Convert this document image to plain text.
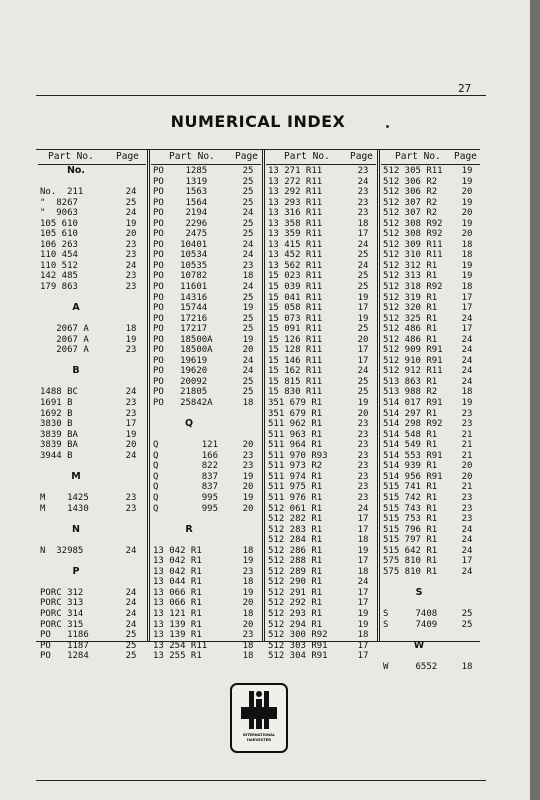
27
NUMERICAL INDEX
Part No. Page
No.
No.  211	24
"  8267	25
"  9063	24
105 610	19
105 610	20
106 263	23
110 454	23
110 512	24
142 485	23
179 863	23
A
2067 A	18
2067 A	19
2067 A	23
B
1488 BC	24
1691 B	23
1692 B	23
3830 B	17
3839 BA	19
3839 BA	20
3944 B	24
M
M    1425	23
M    1430	23
N
N  32985	24
P
PORC 312	24
PORC 313	24
PORC 314	24
PORC 315	24
PO   1186	25
PO   1187	25
PO   1284	25
Part No. Page
PO    1285	25
PO    1319	25
PO    1563	25
PO    1564	25
PO    2194	24
PO    2296	25
PO    2475	25
PO   10401	24
PO   10534	24
PO   10535	23
PO   10782	18
PO   11601	24
PO   14316	25
PO   15744	19
PO   17216	25
PO   17217	25
PO   18500A	19
PO   18500A	20
PO   19619	24
PO   19620	24
PO   20092	25
PO   21805	25
PO   25842A	18
Q
Q        121	20
Q        166	23
Q        822	23
Q        837	19
Q        837	20
Q        995	19
Q        995	20
R
13 042 R1	18
13 042 R1	19
13 042 R1	23
13 044 R1	18
13 066 R1	19
13 066 R1	20
13 121 R1	18
13 139 R1	20
13 139 R1	23
13 254 R11	18
13 255 R1	18
Part No. Page
13 271 R11	23
13 272 R11	24
13 292 R11	23
13 293 R11	23
13 316 R11	23
13 358 R11	18
13 359 R11	17
13 415 R11	24
13 452 R11	25
13 562 R11	24
15 023 R11	25
15 039 R11	25
15 041 R11	19
15 058 R11	17
15 073 R11	19
15 091 R11	25
15 126 R11	20
15 128 R11	17
15 146 R11	17
15 162 R11	24
15 815 R11	25
15 830 R11	25
351 679 R1	19
351 679 R1	20
511 962 R1	23
511 963 R1	23
511 964 R1	23
511 970 R93	23
511 973 R2	23
511 974 R1	23
511 975 R1	23
511 976 R1	23
512 061 R1	24
512 282 R1	17
512 283 R1	17
512 284 R1	18
512 286 R1	19
512 288 R1	17
512 289 R1	18
512 290 R1	24
512 291 R1	17
512 292 R1	17
512 293 R1	19
512 294 R1	19
512 300 R92	18
512 303 R91	17
512 304 R91	17
Part No. Page
512 305 R11	19
512 306 R2	19
512 306 R2	20
512 307 R2	19
512 307 R2	20
512 308 R92	19
512 308 R92	20
512 309 R11	18
512 310 R11	18
512 312 R1	19
512 313 R1	19
512 318 R92	18
512 319 R1	17
512 320 R1	17
512 325 R1	24
512 486 R1	17
512 486 R1	24
512 909 R91	24
512 910 R91	24
512 912 R11	24
513 863 R1	24
513 988 R2	18
514 017 R91	19
514 297 R1	23
514 298 R92	23
514 548 R1	21
514 549 R1	21
514 553 R91	21
514 939 R1	20
514 956 R91	20
515 741 R1	21
515 742 R1	23
515 743 R1	23
515 753 R1	23
515 796 R1	24
515 797 R1	24
515 642 R1	24
575 810 R1	17
575 810 R1	24
S
S     7408	25
S     7409	25
W
W     6552	18
INTERNATIONAL
HARVESTER
